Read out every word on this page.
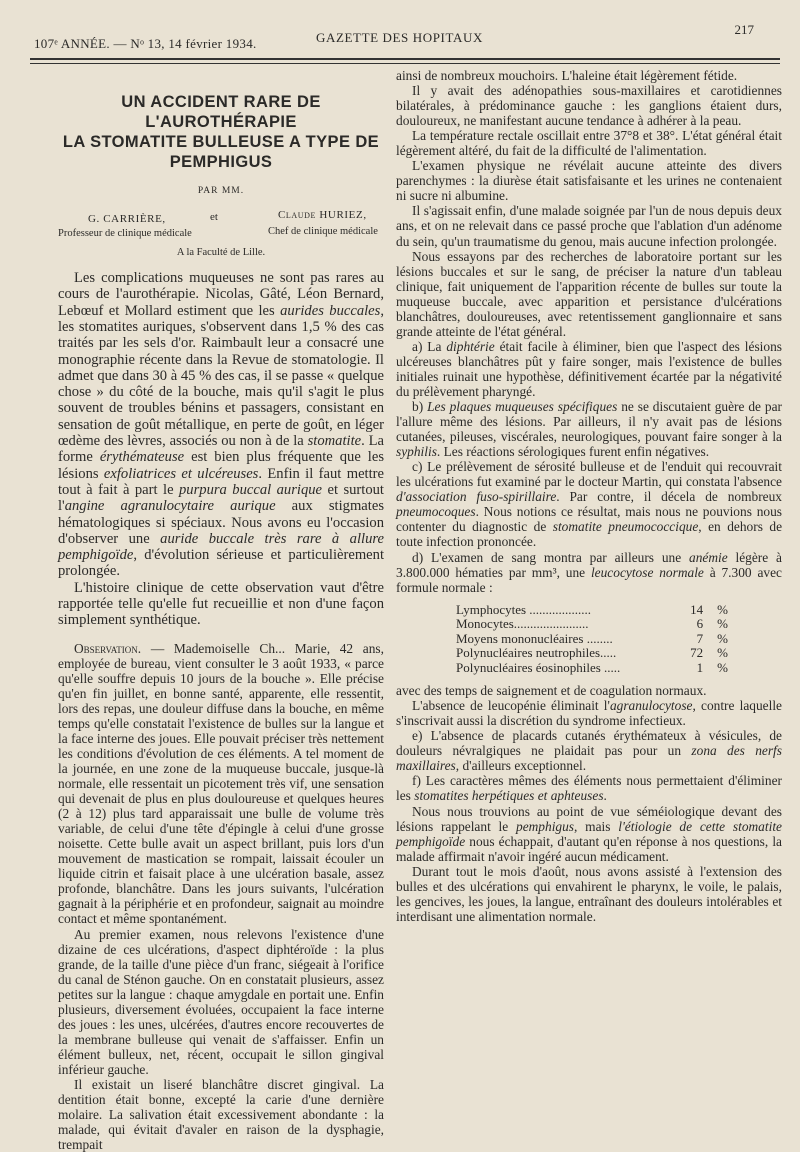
107ᵉ ANNÉE. — Nᵒ 13, 14 février 1934.	GAZETTE DES HOPITAUX
217
UN ACCIDENT RARE DE L'AUROTHÉRAPIE
LA STOMATITE BULLEUSE A TYPE DE PEMPHIGUS
PAR MM.
G. CARRIÈRE,	et	Claude HURIEZ,
Professeur de clinique médicale	Chef de clinique médicale
A la Faculté de Lille.

Les complications muqueuses ne sont pas rares au cours de l'aurothérapie. Nicolas, Gâté, Léon Bernard, Lebœuf et Mollard estiment que les aurides buccales, les stomatites auriques, s'observent dans 1,5 % des cas traités par les sels d'or. Raimbault leur a consacré une monographie récente dans la Revue de stomatologie. Il admet que dans 30 à 45 % des cas, il se passe « quelque chose » du côté de la bouche, mais qu'il s'agit le plus souvent de troubles bénins et passagers, consistant en sensation de goût métallique, en perte de goût, en léger œdème des lèvres, associés ou non à de la stomatite. La forme érythémateuse est bien plus fréquente que les lésions exfoliatrices et ulcéreuses. Enfin il faut mettre tout à fait à part le purpura buccal aurique et surtout l'angine agranulocytaire aurique aux stigmates hématologiques si spéciaux. Nous avons eu l'occasion d'observer une auride buccale très rare à allure pemphigoïde, d'évolution sérieuse et particulièrement prolongée.

L'histoire clinique de cette observation vaut d'être rapportée telle qu'elle fut recueillie et non d'une façon simplement synthétique.

Observation. — Mademoiselle Ch... Marie, 42 ans, employée de bureau, vient consulter le 3 août 1933, « parce qu'elle souffre depuis 10 jours de la bouche ». Elle précise qu'en fin juillet, en bonne santé, apparente, elle ressentit, lors des repas, une douleur diffuse dans la bouche, en même temps qu'elle constatait l'existence de bulles sur la langue et la face interne des joues. Elle pouvait préciser très nettement les conditions d'évolution de ces éléments. A tel moment de la journée, en une zone de la muqueuse buccale, jusque-là normale, elle ressentait un picotement très vif, une sensation qui devenait de plus en plus douloureuse et quelques heures (2 à 12) plus tard apparaissait une bulle de volume très variable, de celui d'une tête d'épingle à celui d'une grosse noisette. Cette bulle avait un aspect brillant, puis lors d'un mouvement de mastication se rompait, laissait écouler un liquide citrin et faisait place à une ulcération basale, assez profonde, blanchâtre. Dans les jours suivants, l'ulcération gagnait à la périphérie et en profondeur, saignait au moindre contact et même spontanément.

Au premier examen, nous relevons l'existence d'une dizaine de ces ulcérations, d'aspect diphtéroïde : la plus grande, de la taille d'une pièce d'un franc, siégeait à l'orifice du canal de Sténon gauche. On en constatait plusieurs, assez petites sur la langue : chaque amygdale en portait une. Enfin plusieurs, diversement évoluées, occupaient la face interne des joues : les unes, ulcérées, d'autres encore recouvertes de la membrane bulleuse qui venait de s'affaisser. Enfin un élément bulleux, net, récent, occupait le sillon gingival inférieur gauche.

Il existait un liseré blanchâtre discret gingival. La dentition était bonne, excepté la carie d'une dernière molaire. La salivation était excessivement abondante : la malade, qui évitait d'avaler en raison de la dysphagie, trempait

ainsi de nombreux mouchoirs. L'haleine était légèrement fétide.

Il y avait des adénopathies sous-maxillaires et carotidiennes bilatérales, à prédominance gauche : les ganglions étaient durs, douloureux, ne manifestant aucune tendance à adhérer à la peau.

La température rectale oscillait entre 37°8 et 38°. L'état général était légèrement altéré, du fait de la difficulté de l'alimentation.

L'examen physique ne révélait aucune atteinte des divers parenchymes : la diurèse était satisfaisante et les urines ne contenaient ni sucre ni albumine.

Il s'agissait enfin, d'une malade soignée par l'un de nous depuis deux ans, et on ne relevait dans ce passé proche que l'ablation d'un adénome du sein, qu'un traumatisme du genou, mais aucune infection prolongée.

Nous essayons par des recherches de laboratoire portant sur les lésions buccales et sur le sang, de préciser la nature d'un tableau clinique, fait uniquement de l'apparition récente de bulles sur toute la muqueuse buccale, avec apparition et persistance d'ulcérations blanchâtres, douloureuses, avec retentissement ganglionnaire et sans grande atteinte de l'état général.

a) La diphtérie était facile à éliminer, bien que l'aspect des lésions ulcéreuses blanchâtres pût y faire songer, mais l'existence de bulles initiales ruinait une hypothèse, définitivement écartée par la négativité du prélèvement pharyngé.

b) Les plaques muqueuses spécifiques ne se discutaient guère de par l'allure même des lésions. Par ailleurs, il n'y avait pas de lésions cutanées, pileuses, viscérales, neurologiques, pouvant faire songer à la syphilis. Les réactions sérologiques furent enfin négatives.

c) Le prélèvement de sérosité bulleuse et de l'enduit qui recouvrait les ulcérations fut examiné par le docteur Martin, qui constata l'absence d'association fuso-spirillaire. Par contre, il décela de nombreux pneumocoques. Nous notions ce résultat, mais nous ne pouvions nous contenter du diagnostic de stomatite pneumococcique, en dehors de toute infection prononcée.

d) L'examen de sang montra par ailleurs une anémie légère à 3.800.000 hématies par mm³, une leucocytose normale à 7.300 avec formule normale :

Lymphocytes ...................	14	%
Monocytes.......................	6	%
Moyens mononucléaires ........	7	%
Polynucléaires neutrophiles.....	72	%
Polynucléaires éosinophiles .....	1	%

avec des temps de saignement et de coagulation normaux.

L'absence de leucopénie éliminait l'agranulocytose, contre laquelle s'inscrivait aussi la discrétion du syndrome infectieux.

e) L'absence de placards cutanés érythémateux à vésicules, de douleurs névralgiques ne plaidait pas pour un zona des nerfs maxillaires, d'ailleurs exceptionnel.

f) Les caractères mêmes des éléments nous permettaient d'éliminer les stomatites herpétiques et aphteuses.

Nous nous trouvions au point de vue séméiologique devant des lésions rappelant le pemphigus, mais l'étiologie de cette stomatite pemphigoïde nous échappait, d'autant qu'en réponse à nos questions, la malade affirmait n'avoir ingéré aucun médicament.

Durant tout le mois d'août, nous avons assisté à l'extension des bulles et des ulcérations qui envahirent le pharynx, le voile, le palais, les gencives, les joues, la langue, entraînant des douleurs intolérables et interdisant une alimentation normale.
